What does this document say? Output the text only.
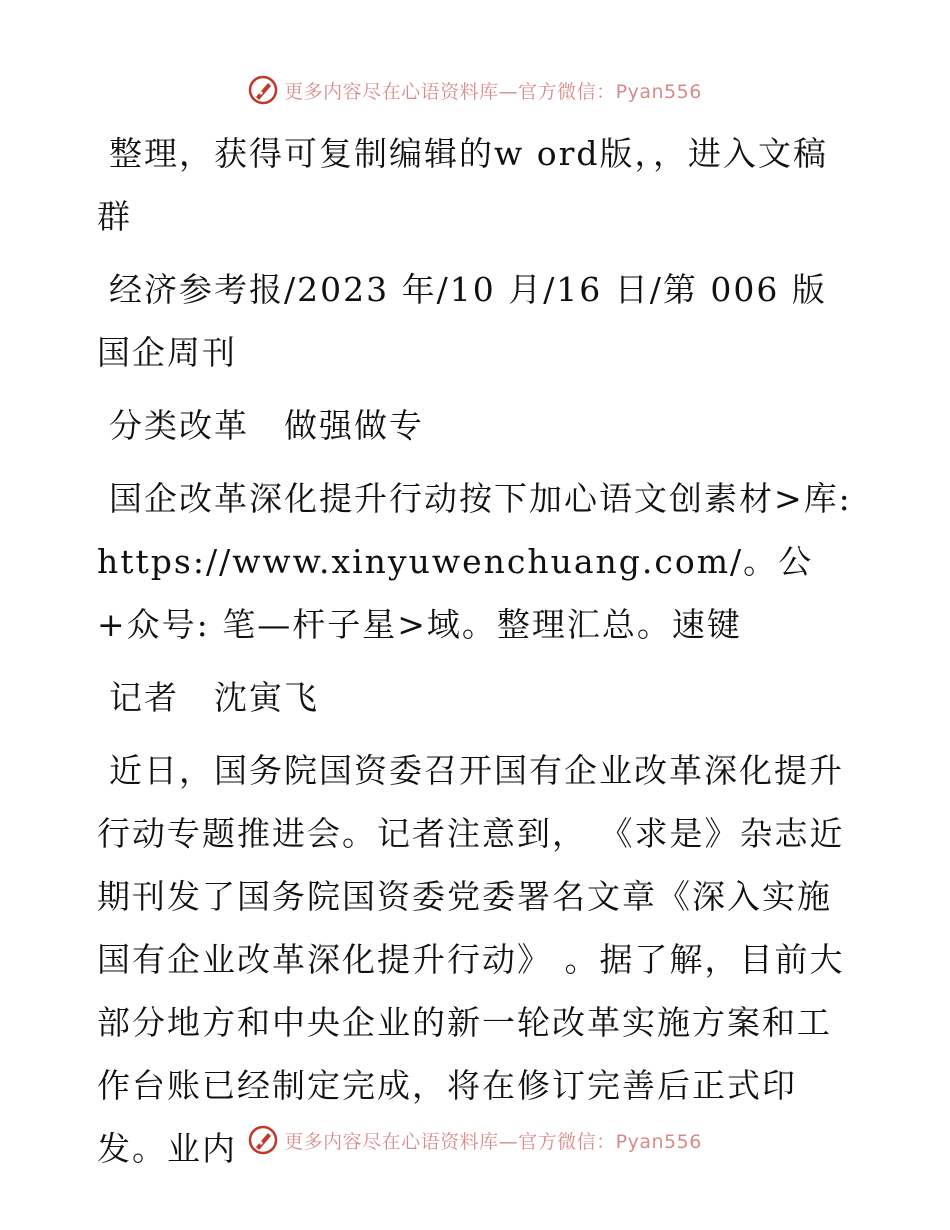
更多内容尽在心语资料库—官方微信：Pyan556

整理，获得可复制编辑的w ord版，，进入文稿群

经济参考报/2023 年/10 月/16 日/第 006 版国企周刊

分类改革　做强做专

国企改革深化提升行动按下加心语文创素材>库: https://www.xinyuwenchuang.com/。公+众号: 笔—杆子星>域。整理汇总。速键

记者　沈寅飞

近日，国务院国资委召开国有企业改革深化提升行动专题推进会。记者注意到， 《求是》杂志近期刊发了国务院国资委党委署名文章《深入实施国有企业改革深化提升行动》 。据了解，目前大部分地方和中央企业的新一轮改革实施方案和工作台账已经制定完成，将在修订完善后正式印发。业内	更多内容尽在心语资料库—官方微信：Pyan556
